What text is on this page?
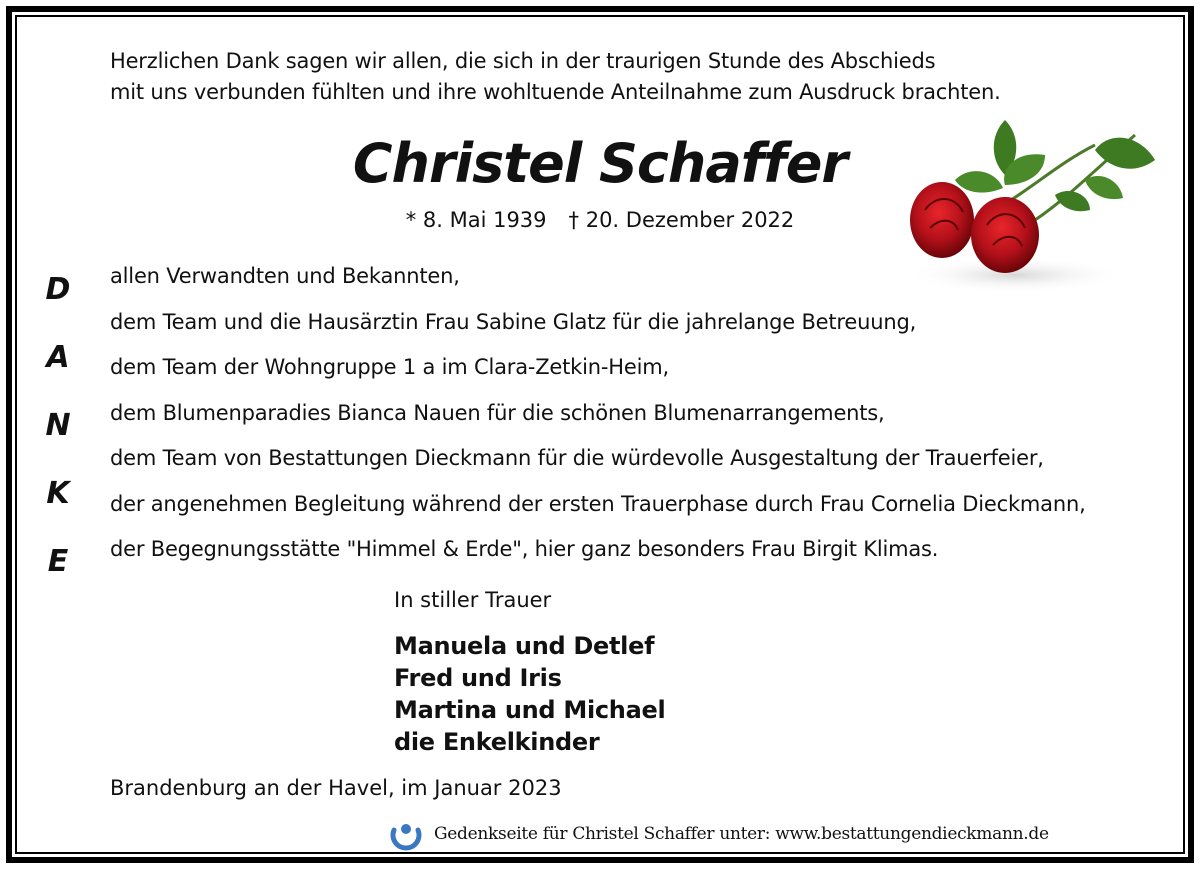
Herzlichen Dank sagen wir allen, die sich in der traurigen Stunde des Abschieds
mit uns verbunden fühlten und ihre wohltuende Anteilnahme zum Ausdruck brachten.
Christel Schaffer
* 8. Mai 1939 † 20. Dezember 2022
D
A
N
K
E
allen Verwandten und Bekannten,
dem Team und die Hausärztin Frau Sabine Glatz für die jahrelange Betreuung,
dem Team der Wohngruppe 1 a im Clara-Zetkin-Heim,
dem Blumenparadies Bianca Nauen für die schönen Blumenarrangements,
dem Team von Bestattungen Dieckmann für die würdevolle Ausgestaltung der Trauerfeier,
der angenehmen Begleitung während der ersten Trauerphase durch Frau Cornelia Dieckmann,
der Begegnungsstätte "Himmel & Erde", hier ganz besonders Frau Birgit Klimas.
In stiller Trauer
Manuela und Detlef
Fred und Iris
Martina und Michael
die Enkelkinder
Brandenburg an der Havel, im Januar 2023
Gedenkseite für Christel Schaffer unter: www.bestattungendieckmann.de
